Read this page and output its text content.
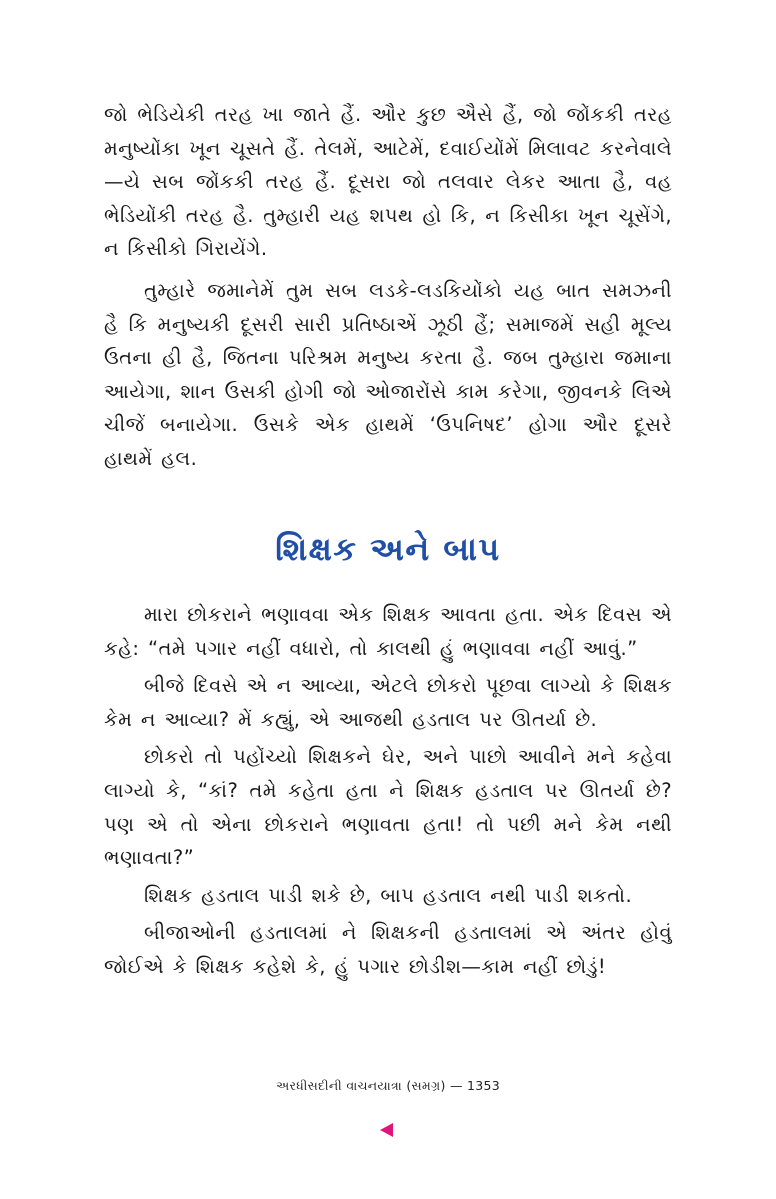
જો ભેડિયેકી તરહ ખા જાતે હૈં. ઔર કુછ ઐસે હૈં, જો જોંકકી તરહ મનુષ્યોંકા ખૂન ચૂસતે હૈં. તેલમેં, આટેમેં, દવાઈયોંમેં મિલાવટ કરનેવાલે—યે સબ જોંકકી તરહ હૈં. દૂસરા જો તલવાર લેકર આતા હૈ, વહ ભેડિયોંકી તરહ હૈ. તુમ્હારી યહ શપથ હો કિ, ન કિસીકા ખૂન ચૂસેંગે, ન કિસીકો ગિરાયેંગે.

તુમ્હારે જમાનેમેં તુમ સબ લડકે-લડકિયોંકો યહ બાત સમઝની હૈ કિ મનુષ્યકી દૂસરી સારી પ્રતિષ્ઠાએં ઝૂઠી હૈં; સમાજમેં સહી મૂલ્ય ઉતના હી હૈ, જિતના પરિશ્રમ મનુષ્ય કરતા હૈ. જબ તુમ્હારા જમાના આયેગા, શાન ઉસકી હોગી જો ઓજારોંસે કામ કરેગા, જીવનકે લિએ ચીજેં બનાયેગા. ઉસકે એક હાથમેં ‘ઉપનિષદ’ હોગા ઔર દૂસરે હાથમેં હલ.

શિક્ષક અને બાપ

મારા છોકરાને ભણાવવા એક શિક્ષક આવતા હતા. એક દિવસ એ કહે: “તમે પગાર નહીં વધારો, તો કાલથી હું ભણાવવા નહીં આવું.”

બીજે દિવસે એ ન આવ્યા, એટલે છોકરો પૂછવા લાગ્યો કે શિક્ષક કેમ ન આવ્યા? મેં કહ્યું, એ આજથી હડતાલ પર ઊતર્યા છે.

છોકરો તો પહોંચ્યો શિક્ષકને ઘેર, અને પાછો આવીને મને કહેવા લાગ્યો કે, “કાં? તમે કહેતા હતા ને શિક્ષક હડતાલ પર ઊતર્યા છે? પણ એ તો એના છોકરાને ભણાવતા હતા! તો પછી મને કેમ નથી ભણાવતા?”

શિક્ષક હડતાલ પાડી શકે છે, બાપ હડતાલ નથી પાડી શકતો.

બીજાઓની હડતાલમાં ને શિક્ષકની હડતાલમાં એ અંતર હોવું જોઈએ કે શિક્ષક કહેશે કે, હું પગાર છોડીશ—કામ નહીં છોડું!

અરધીસદીની વાચનયાત્રા (સમગ્ર) — 1353
